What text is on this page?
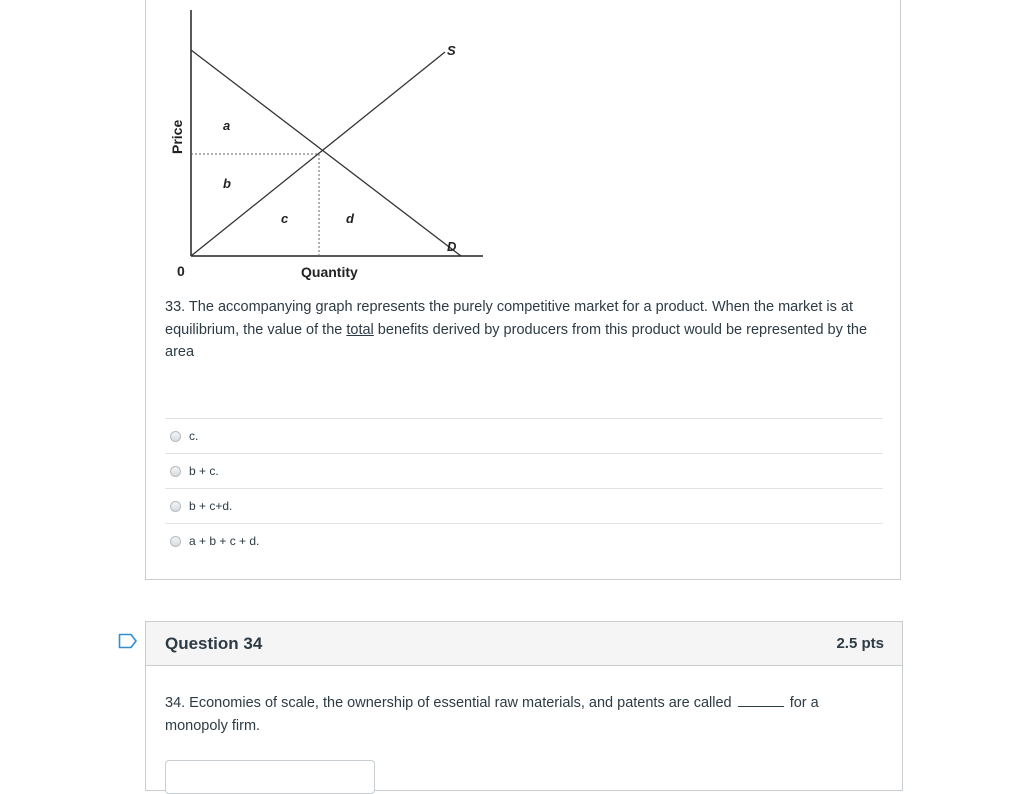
Price
Quantity
0
S
D
a
b
c	d
33. The accompanying graph represents the purely competitive market for a product. When the market is at equilibrium, the value of the total benefits derived by producers from this product would be represented by the area
c.
b + c.
b + c+d.
a + b + c + d.
Question 34	2.5 pts
34. Economies of scale, the ownership of essential raw materials, and patents are called	for a monopoly firm.
